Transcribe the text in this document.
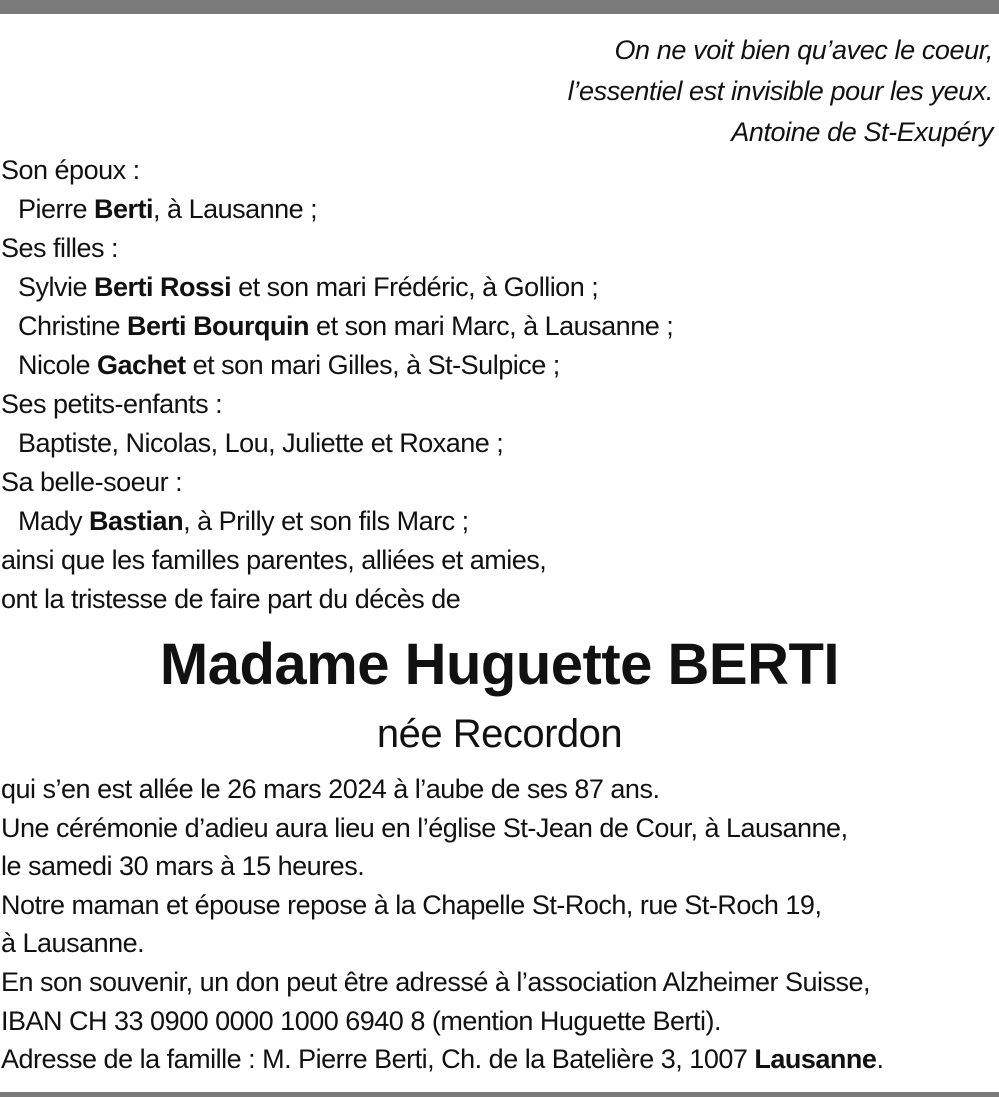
On ne voit bien qu’avec le coeur,
l’essentiel est invisible pour les yeux.
Antoine de St-Exupéry
Son époux :
Pierre Berti, à Lausanne ;
Ses filles :
Sylvie Berti Rossi et son mari Frédéric, à Gollion ;
Christine Berti Bourquin et son mari Marc, à Lausanne ;
Nicole Gachet et son mari Gilles, à St-Sulpice ;
Ses petits-enfants :
Baptiste, Nicolas, Lou, Juliette et Roxane ;
Sa belle-soeur :
Mady Bastian, à Prilly et son fils Marc ;
ainsi que les familles parentes, alliées et amies,
ont la tristesse de faire part du décès de
Madame Huguette BERTI
née Recordon
qui s’en est allée le 26 mars 2024 à l’aube de ses 87 ans.
Une cérémonie d’adieu aura lieu en l’église St-Jean de Cour, à Lausanne,
le samedi 30 mars à 15 heures.
Notre maman et épouse repose à la Chapelle St-Roch, rue St-Roch 19,
à Lausanne.
En son souvenir, un don peut être adressé à l’association Alzheimer Suisse,
IBAN CH 33 0900 0000 1000 6940 8 (mention Huguette Berti).
Adresse de la famille : M. Pierre Berti, Ch. de la Batelière 3, 1007 Lausanne.
